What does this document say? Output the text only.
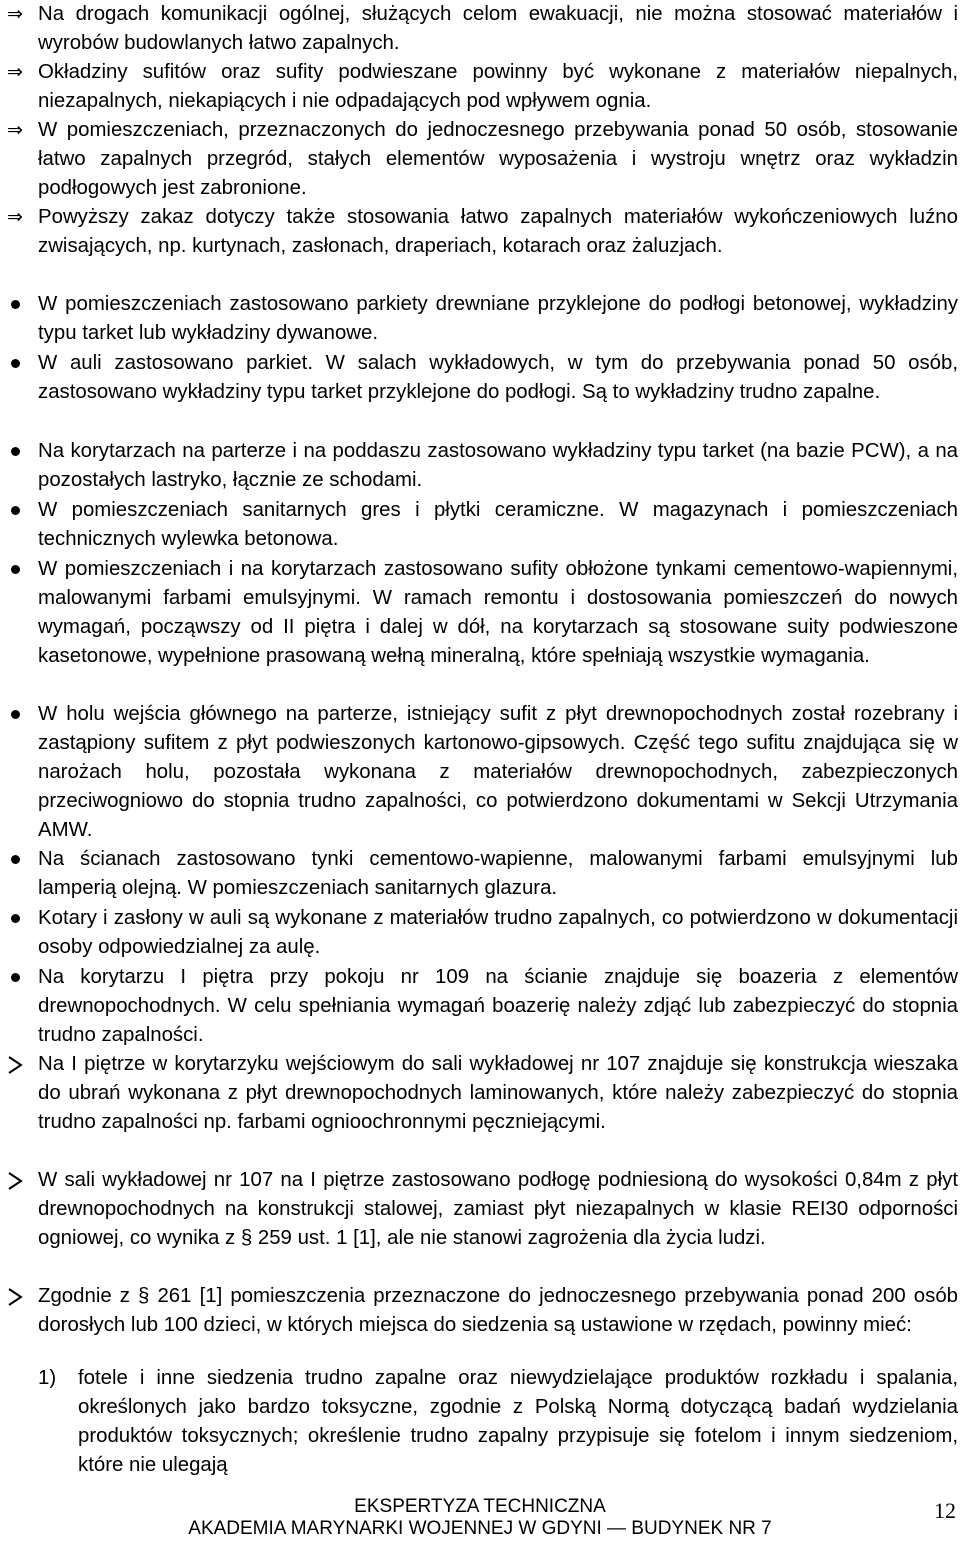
⇒ Na drogach komunikacji ogólnej, służących celom ewakuacji, nie można stosować materiałów i wyrobów budowlanych łatwo zapalnych.
⇒ Okładziny sufitów oraz sufity podwieszane powinny być wykonane z materiałów niepalnych, niezapalnych, niekapiących i nie odpadających pod wpływem ognia.
⇒ W pomieszczeniach, przeznaczonych do jednoczesnego przebywania ponad 50 osób, stosowanie łatwo zapalnych przegród, stałych elementów wyposażenia i wystroju wnętrz oraz wykładzin podłogowych jest zabronione.
⇒ Powyższy zakaz dotyczy także stosowania łatwo zapalnych materiałów wykończeniowych luźno zwisających, np. kurtynach, zasłonach, draperiach, kotarach oraz żaluzjach.
W pomieszczeniach zastosowano parkiety drewniane przyklejone do podłogi betonowej, wykładziny typu tarket lub wykładziny dywanowe.
W auli zastosowano parkiet. W salach wykładowych, w tym do przebywania ponad 50 osób, zastosowano wykładziny typu tarket przyklejone do podłogi. Są to wykładziny trudno zapalne.
Na korytarzach na parterze i na poddaszu zastosowano wykładziny typu tarket (na bazie PCW), a na pozostałych lastryko, łącznie ze schodami.
W pomieszczeniach sanitarnych gres i płytki ceramiczne. W magazynach i pomieszczeniach technicznych wylewka betonowa.
W pomieszczeniach i na korytarzach zastosowano sufity obłożone tynkami cementowo-wapiennymi, malowanymi farbami emulsyjnymi. W ramach remontu i dostosowania pomieszczeń do nowych wymagań, począwszy od II piętra i dalej w dół, na korytarzach są stosowane suity podwieszone kasetonowe, wypełnione prasowaną wełną mineralną, które spełniają wszystkie wymagania.
W holu wejścia głównego na parterze, istniejący sufit z płyt drewnopochodnych został rozebrany i zastąpiony sufitem z płyt podwieszonych kartonowo-gipsowych. Część tego sufitu znajdująca się w narożach holu, pozostała wykonana z materiałów drewnopochodnych, zabezpieczonych przeciwogniowo do stopnia trudno zapalności, co potwierdzono dokumentami w Sekcji Utrzymania AMW.
Na ścianach zastosowano tynki cementowo-wapienne, malowanymi farbami emulsyjnymi lub lamperią olejną. W pomieszczeniach sanitarnych glazura.
Kotary i zasłony w auli są wykonane z materiałów trudno zapalnych, co potwierdzono w dokumentacji osoby odpowiedzialnej za aulę.
Na korytarzu I piętra przy pokoju nr 109 na ścianie znajduje się boazeria z elementów drewnopochodnych. W celu spełniania wymagań boazerię należy zdjąć lub zabezpieczyć do stopnia trudno zapalności.
Na I piętrze w korytarzyku wejściowym do sali wykładowej nr 107 znajduje się konstrukcja wieszaka do ubrań wykonana z płyt drewnopochodnych laminowanych, które należy zabezpieczyć do stopnia trudno zapalności np. farbami ognioochronnymi pęczniejącymi.
W sali wykładowej nr 107 na I piętrze zastosowano podłogę podniesioną do wysokości 0,84m z płyt drewnopochodnych na konstrukcji stalowej, zamiast płyt niezapalnych w klasie REI30 odporności ogniowej, co wynika z § 259 ust. 1 [1], ale nie stanowi zagrożenia dla życia ludzi.
Zgodnie z § 261 [1] pomieszczenia przeznaczone do jednoczesnego przebywania ponad 200 osób dorosłych lub 100 dzieci, w których miejsca do siedzenia są ustawione w rzędach, powinny mieć:
1) fotele i inne siedzenia trudno zapalne oraz niewydzielające produktów rozkładu i spalania, określonych jako bardzo toksyczne, zgodnie z Polską Normą dotyczącą badań wydzielania produktów toksycznych; określenie trudno zapalny przypisuje się fotelom i innym siedzeniom, które nie ulegają
EKSPERTYZA TECHNICZNA
AKADEMIA MARYNARKI WOJENNEJ W GDYNI — BUDYNEK NR 7
12
